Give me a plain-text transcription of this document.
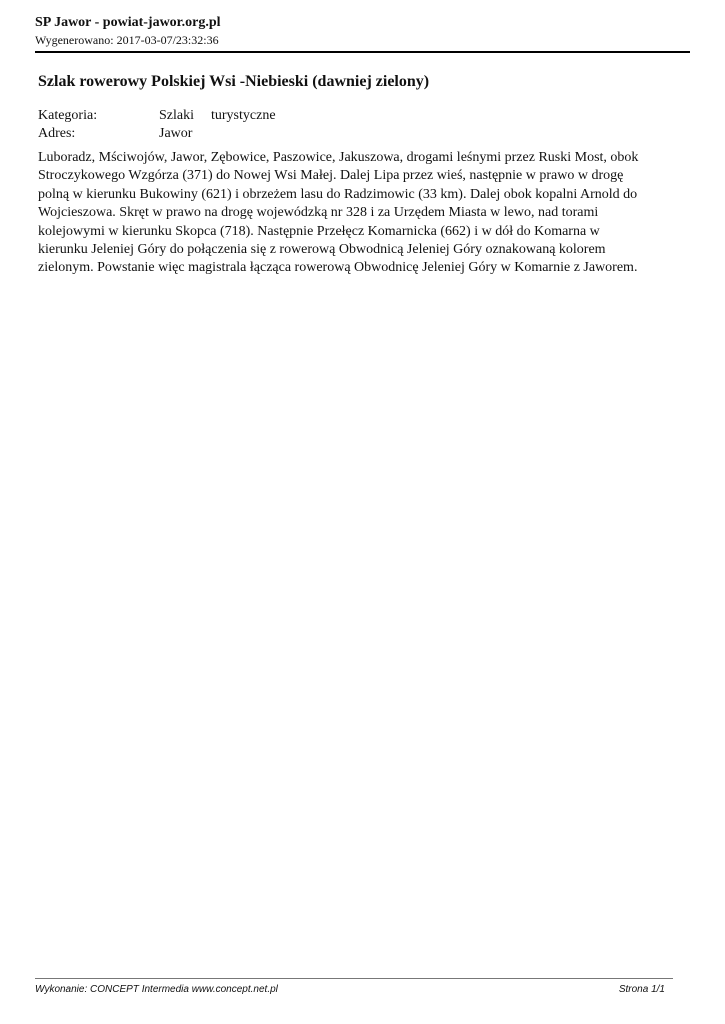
SP Jawor - powiat-jawor.org.pl
Wygenerowano: 2017-03-07/23:32:36
Szlak rowerowy Polskiej Wsi -Niebieski (dawniej zielony)
Kategoria:	Szlaki turystyczne
Adres:	Jawor

Luboradz, Mściwojów, Jawor, Zębowice, Paszowice, Jakuszowa, drogami leśnymi przez Ruski Most, obok Stroczykowego Wzgórza (371) do Nowej Wsi Małej. Dalej Lipa przez wieś, następnie w prawo w drogę polną w kierunku Bukowiny (621) i obrzeżem lasu do Radzimowic (33 km). Dalej obok kopalni Arnold do Wojcieszowa. Skręt w prawo na drogę wojewódzką nr 328 i za Urzędem Miasta w lewo, nad torami kolejowymi w kierunku Skopca (718). Następnie Przełęcz Komarnicka (662) i w dół do Komarna w kierunku Jeleniej Góry do połączenia się z rowerową Obwodnicą Jeleniej Góry oznakowaną kolorem zielonym. Powstanie więc magistrala łącząca rowerową Obwodnicę Jeleniej Góry w Komarnie z Jaworem.

Wykonanie: CONCEPT Intermedia www.concept.net.pl	Strona 1/1
